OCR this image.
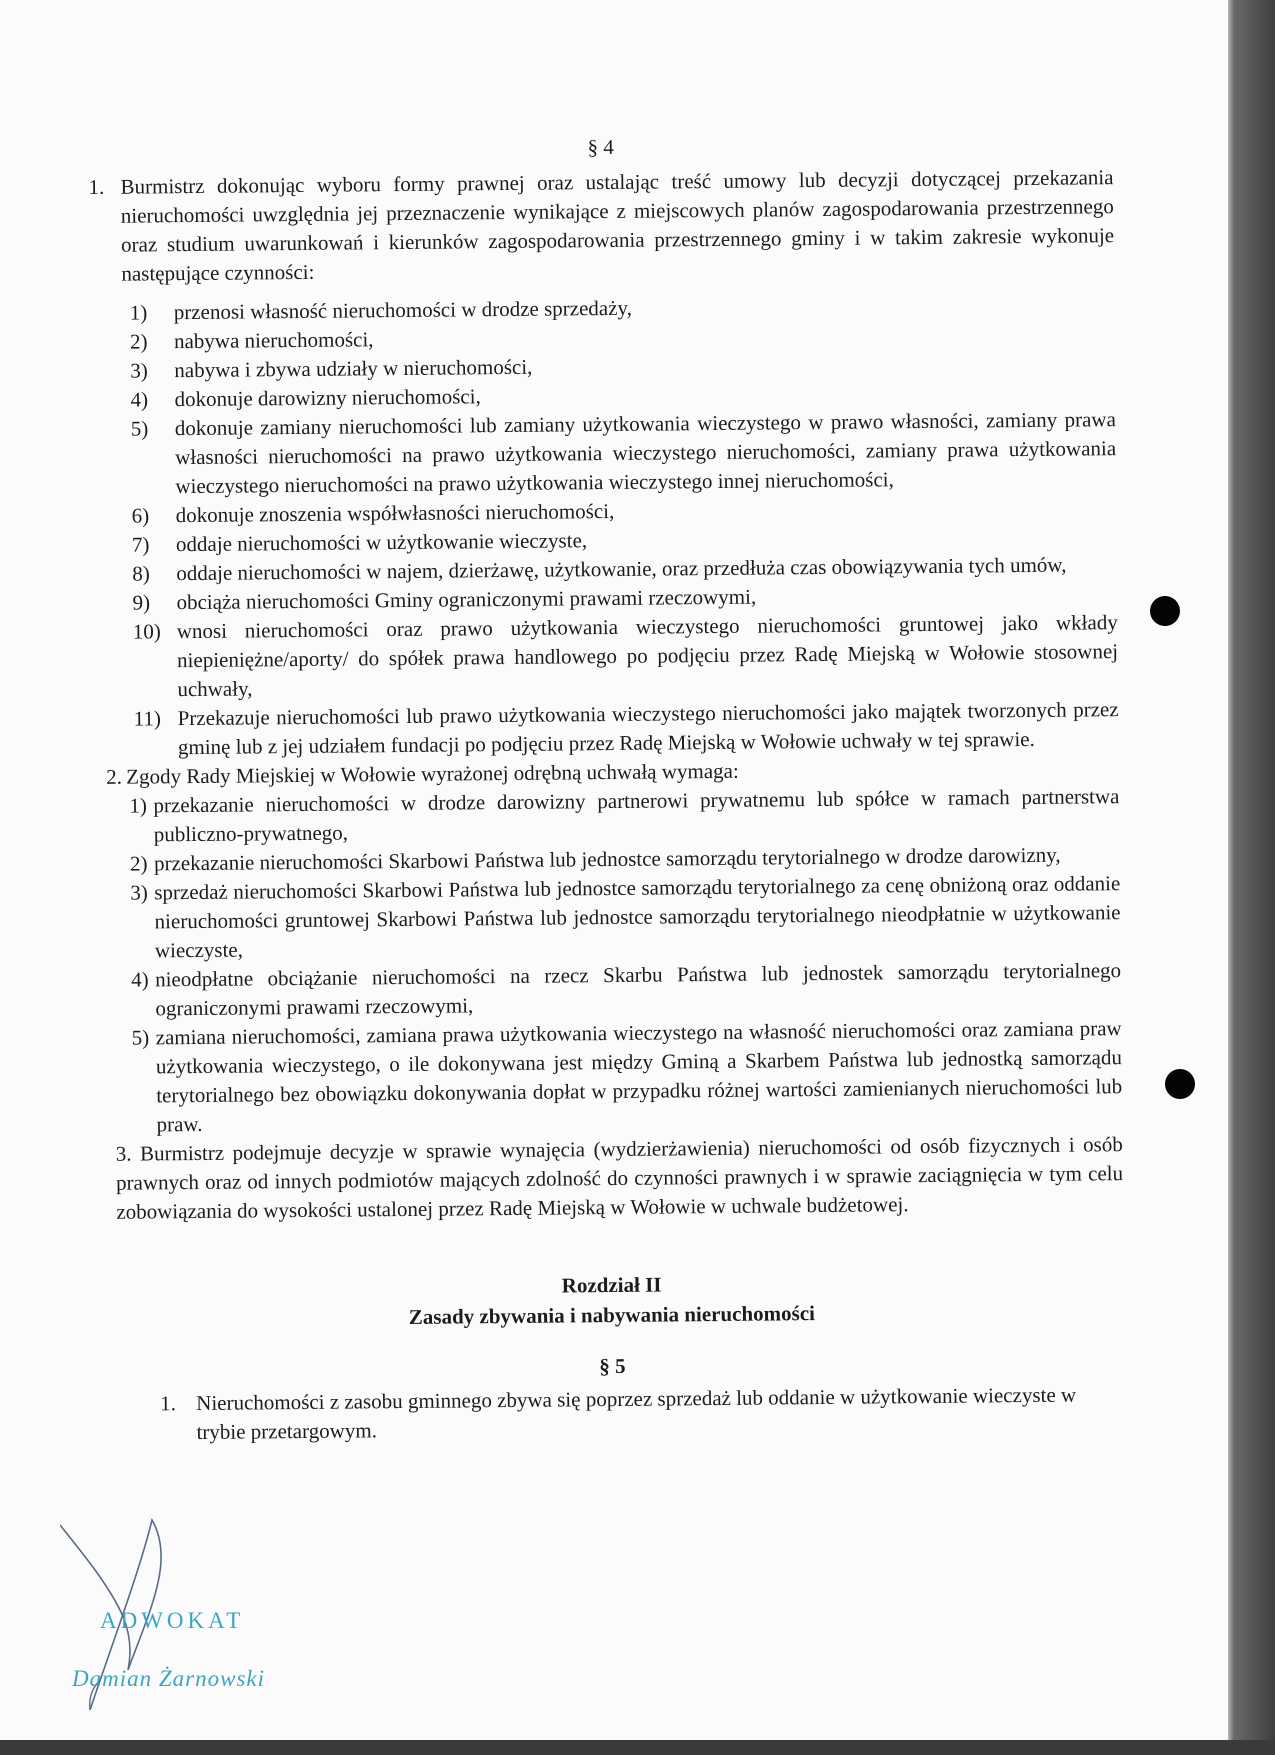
§ 4
1. Burmistrz dokonując wyboru formy prawnej oraz ustalając treść umowy lub decyzji dotyczącej przekazania nieruchomości uwzględnia jej przeznaczenie wynikające z miejscowych planów zagospodarowania przestrzennego oraz studium uwarunkowań i kierunków zagospodarowania przestrzennego gminy i w takim zakresie wykonuje następujące czynności:
1)	przenosi własność nieruchomości w drodze sprzedaży,
2)	nabywa nieruchomości,
3)	nabywa i zbywa udziały w nieruchomości,
4)	dokonuje darowizny nieruchomości,
5)	dokonuje zamiany nieruchomości lub zamiany użytkowania wieczystego w prawo własności, zamiany prawa własności nieruchomości na prawo użytkowania wieczystego nieruchomości, zamiany prawa użytkowania wieczystego nieruchomości na prawo użytkowania wieczystego innej nieruchomości,
6)	dokonuje znoszenia współwłasności nieruchomości,
7)	oddaje nieruchomości w użytkowanie wieczyste,
8)	oddaje nieruchomości w najem, dzierżawę, użytkowanie, oraz przedłuża czas obowiązywania tych umów,
9)	obciąża nieruchomości Gminy ograniczonymi prawami rzeczowymi,
10) wnosi nieruchomości oraz prawo użytkowania wieczystego nieruchomości gruntowej jako wkłady niepieniężne/aporty/ do spółek prawa handlowego po podjęciu przez Radę Miejską w Wołowie stosownej uchwały,
11) Przekazuje nieruchomości lub prawo użytkowania wieczystego nieruchomości jako majątek tworzonych przez gminę lub z jej udziałem fundacji po podjęciu przez Radę Miejską w Wołowie uchwały w tej sprawie.
2. Zgody Rady Miejskiej w Wołowie wyrażonej odrębną uchwałą wymaga:
1) przekazanie nieruchomości w drodze darowizny partnerowi prywatnemu lub spółce w ramach partnerstwa publiczno-prywatnego,
2) przekazanie nieruchomości Skarbowi Państwa lub jednostce samorządu terytorialnego w drodze darowizny,
3) sprzedaż nieruchomości Skarbowi Państwa lub jednostce samorządu terytorialnego za cenę obniżoną oraz oddanie nieruchomości gruntowej Skarbowi Państwa lub jednostce samorządu terytorialnego nieodpłatnie w użytkowanie wieczyste,
4) nieodpłatne obciążanie nieruchomości na rzecz Skarbu Państwa lub jednostek samorządu terytorialnego ograniczonymi prawami rzeczowymi,
5) zamiana nieruchomości, zamiana prawa użytkowania wieczystego na własność nieruchomości oraz zamiana praw użytkowania wieczystego, o ile dokonywana jest między Gminą a Skarbem Państwa lub jednostką samorządu terytorialnego bez obowiązku dokonywania dopłat w przypadku różnej wartości zamienianych nieruchomości lub praw.
3. Burmistrz podejmuje decyzje w sprawie wynajęcia (wydzierżawienia) nieruchomości od osób fizycznych i osób prawnych oraz od innych podmiotów mających zdolność do czynności prawnych i w sprawie zaciągnięcia w tym celu zobowiązania do wysokości ustalonej przez Radę Miejską w Wołowie w uchwale budżetowej.
Rozdział II
Zasady zbywania i nabywania nieruchomości
§ 5
1. Nieruchomości z zasobu gminnego zbywa się poprzez sprzedaż lub oddanie w użytkowanie wieczyste w trybie przetargowym.
ADWOKAT
Damian Żarnowski
